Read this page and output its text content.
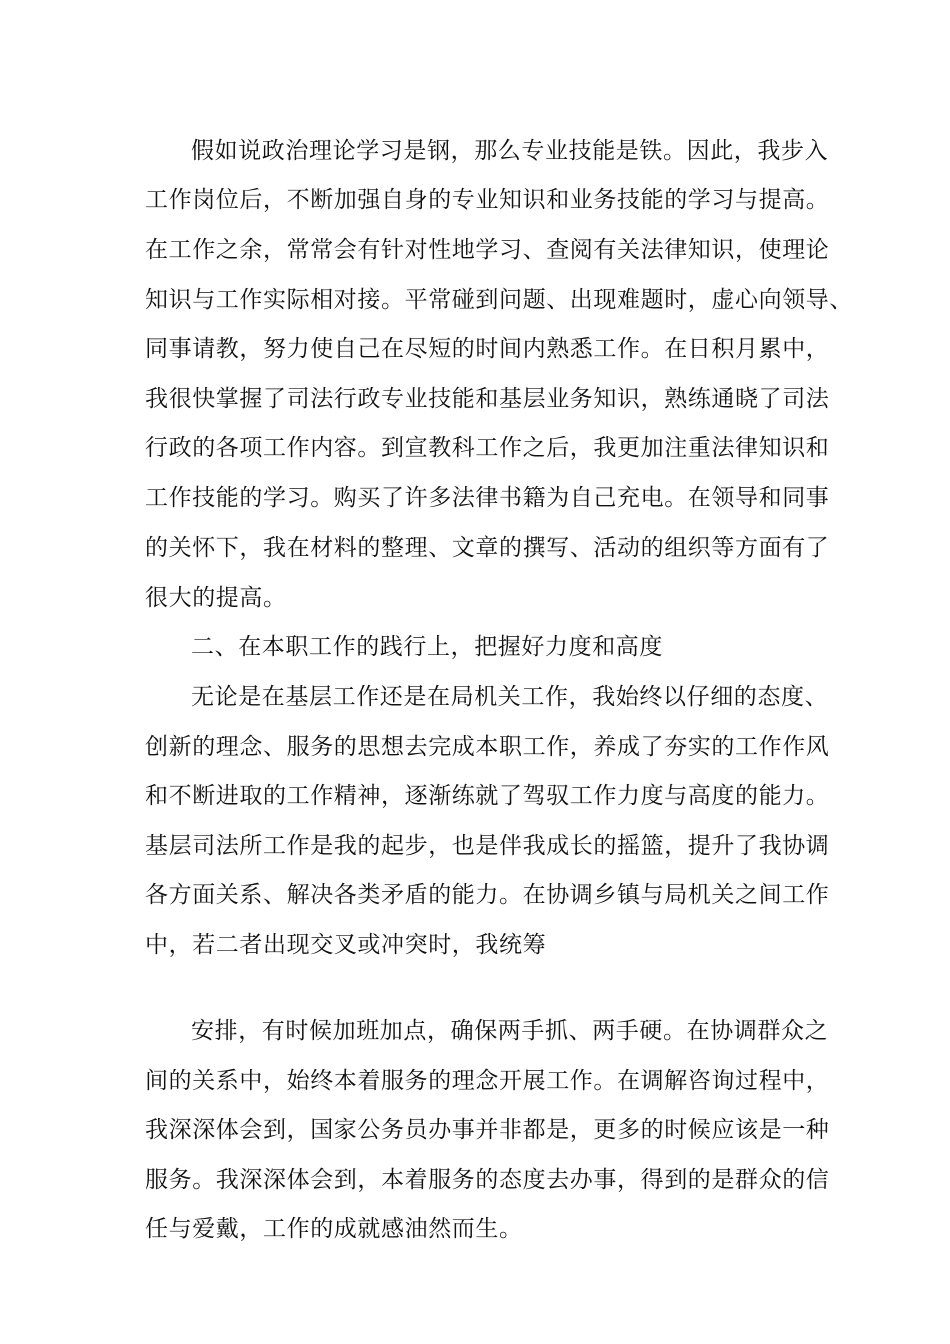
假如说政治理论学习是钢，那么专业技能是铁。因此，我步入
工作岗位后，不断加强自身的专业知识和业务技能的学习与提高。
在工作之余，常常会有针对性地学习、查阅有关法律知识，使理论
知识与工作实际相对接。平常碰到问题、出现难题时，虚心向领导、
同事请教，努力使自己在尽短的时间内熟悉工作。在日积月累中，
我很快掌握了司法行政专业技能和基层业务知识，熟练通晓了司法
行政的各项工作内容。到宣教科工作之后，我更加注重法律知识和
工作技能的学习。购买了许多法律书籍为自己充电。在领导和同事
的关怀下，我在材料的整理、文章的撰写、活动的组织等方面有了
很大的提高。
二、在本职工作的践行上，把握好力度和高度
无论是在基层工作还是在局机关工作，我始终以仔细的态度、
创新的理念、服务的思想去完成本职工作，养成了夯实的工作作风
和不断进取的工作精神，逐渐练就了驾驭工作力度与高度的能力。
基层司法所工作是我的起步，也是伴我成长的摇篮，提升了我协调
各方面关系、解决各类矛盾的能力。在协调乡镇与局机关之间工作
中，若二者出现交叉或冲突时，我统筹
安排，有时候加班加点，确保两手抓、两手硬。在协调群众之
间的关系中，始终本着服务的理念开展工作。在调解咨询过程中，
我深深体会到，国家公务员办事并非都是，更多的时候应该是一种
服务。我深深体会到，本着服务的态度去办事，得到的是群众的信
任与爱戴，工作的成就感油然而生。
